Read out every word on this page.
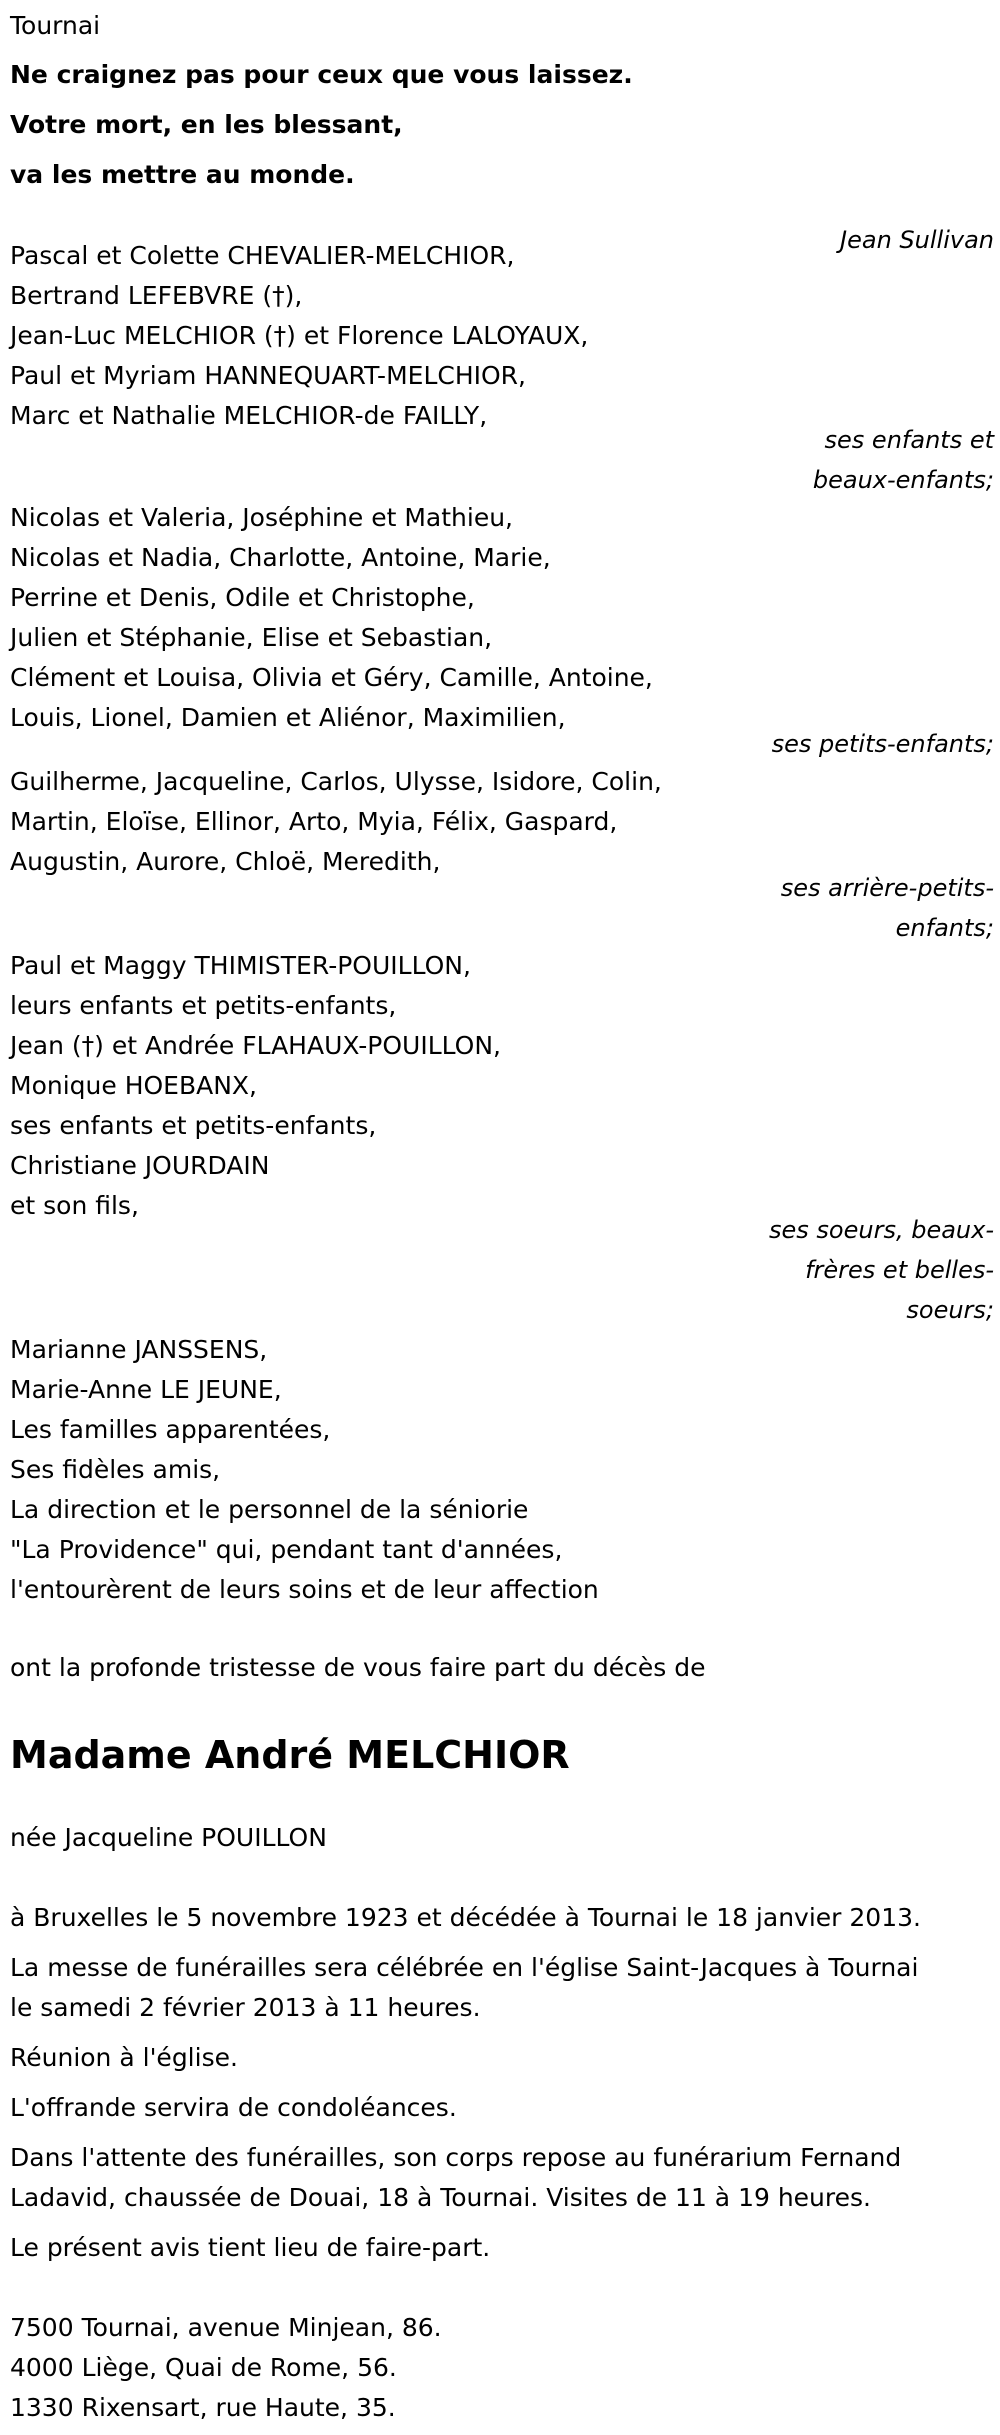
Tournai

Ne craignez pas pour ceux que vous laissez.

Votre mort, en les blessant,

va les mettre au monde.

Jean Sullivan

Pascal et Colette CHEVALIER-MELCHIOR,

Bertrand LEFEBVRE (†),

Jean-Luc MELCHIOR (†) et Florence LALOYAUX,

Paul et Myriam HANNEQUART-MELCHIOR,

Marc et Nathalie MELCHIOR-de FAILLY,

ses enfants et

beaux-enfants;

Nicolas et Valeria, Joséphine et Mathieu,

Nicolas et Nadia, Charlotte, Antoine, Marie,

Perrine et Denis, Odile et Christophe,

Julien et Stéphanie, Elise et Sebastian,

Clément et Louisa, Olivia et Géry, Camille, Antoine,

Louis, Lionel, Damien et Aliénor, Maximilien,

ses petits-enfants;

Guilherme, Jacqueline, Carlos, Ulysse, Isidore, Colin,

Martin, Eloïse, Ellinor, Arto, Myia, Félix, Gaspard,

Augustin, Aurore, Chloë, Meredith,

ses arrière-petits-

enfants;

Paul et Maggy THIMISTER-POUILLON,

leurs enfants et petits-enfants,

Jean (†) et Andrée FLAHAUX-POUILLON,

Monique HOEBANX,

ses enfants et petits-enfants,

Christiane JOURDAIN

et son fils,

ses soeurs, beaux-

frères et belles-

soeurs;

Marianne JANSSENS,

Marie-Anne LE JEUNE,

Les familles apparentées,

Ses fidèles amis,

La direction et le personnel de la séniorie

"La Providence" qui, pendant tant d'années,

l'entourèrent de leurs soins et de leur affection

ont la profonde tristesse de vous faire part du décès de

Madame André MELCHIOR

née Jacqueline POUILLON

à Bruxelles le 5 novembre 1923 et décédée à Tournai le 18 janvier 2013.

La messe de funérailles sera célébrée en l'église Saint-Jacques à Tournai

le samedi 2 février 2013 à 11 heures.

Réunion à l'église.

L'offrande servira de condoléances.

Dans l'attente des funérailles, son corps repose au funérarium Fernand

Ladavid, chaussée de Douai, 18 à Tournai. Visites de 11 à 19 heures.

Le présent avis tient lieu de faire-part.

7500 Tournai, avenue Minjean, 86.

4000 Liège, Quai de Rome, 56.

1330 Rixensart, rue Haute, 35.
